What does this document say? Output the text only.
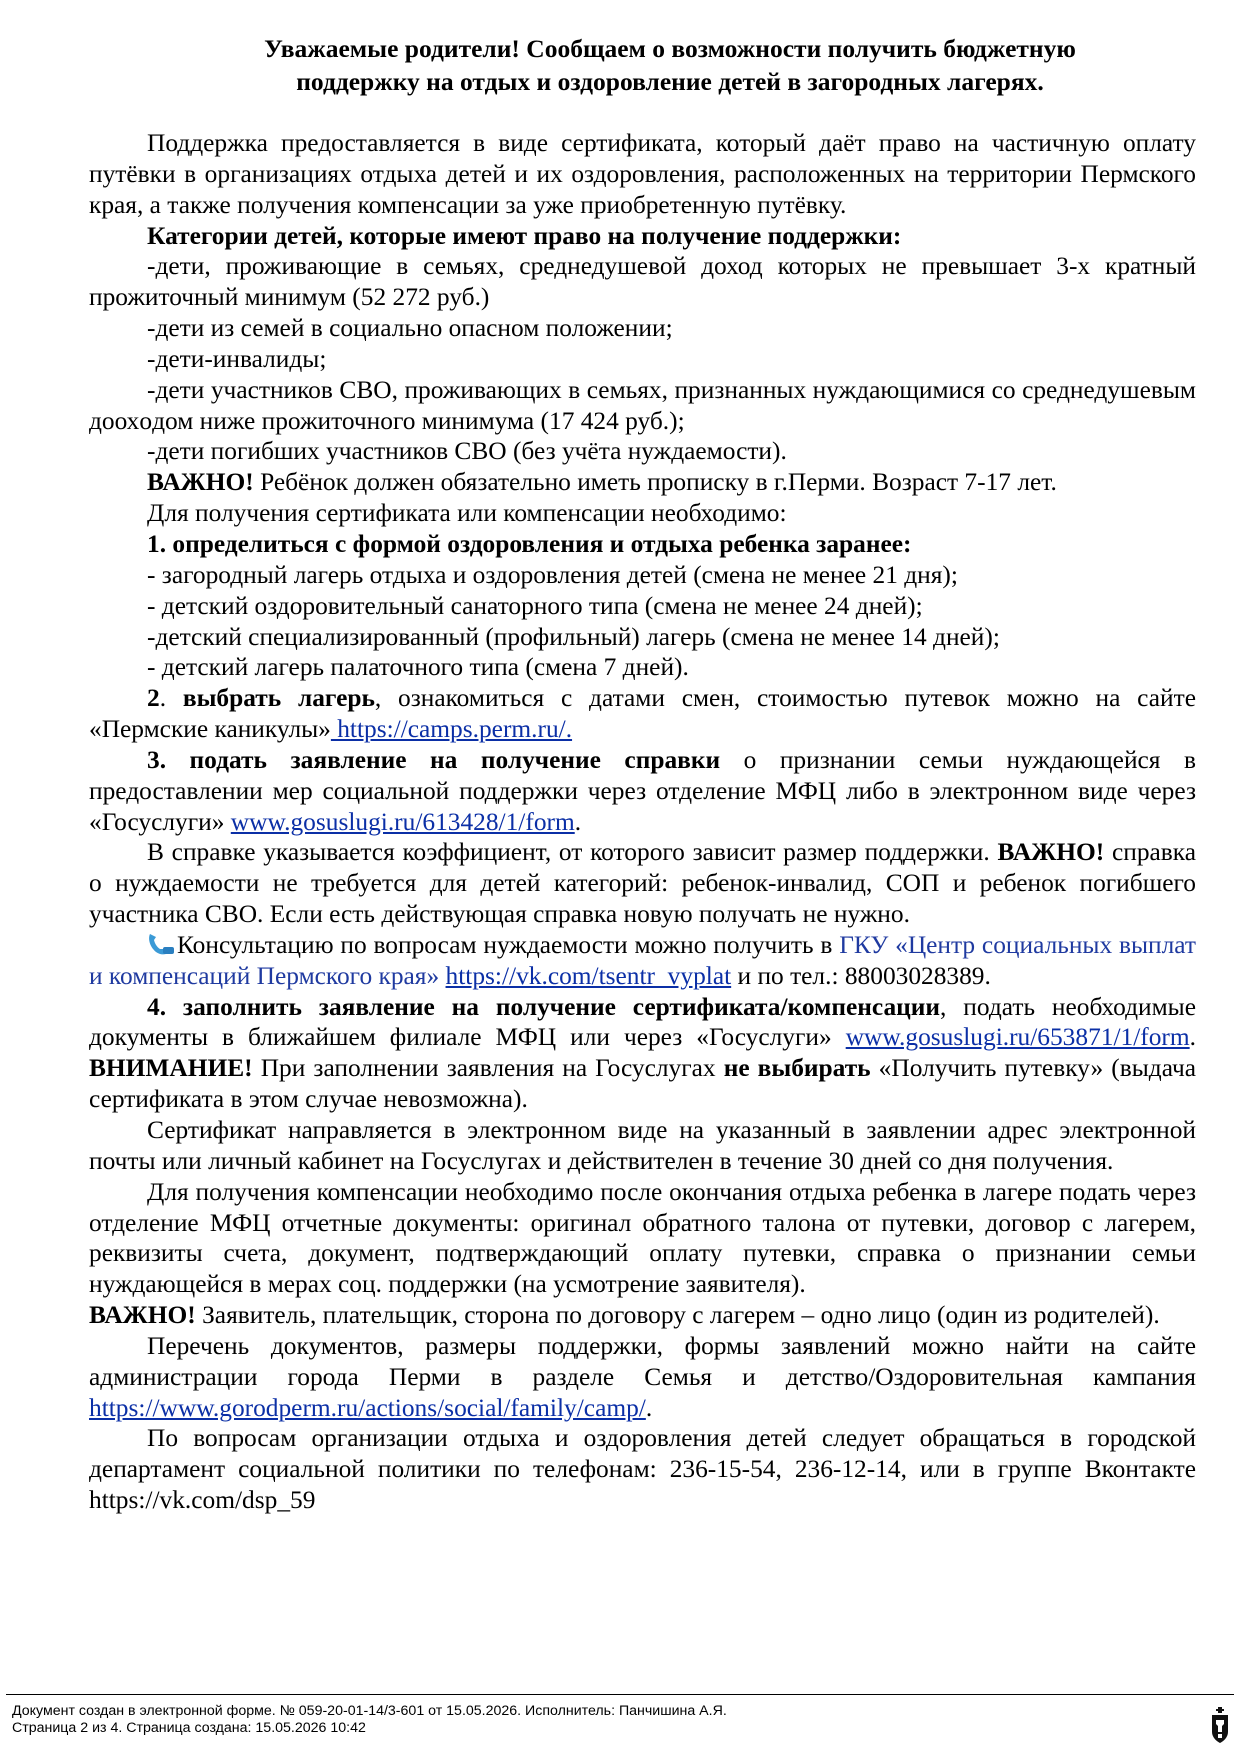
Уважаемые родители! Сообщаем о возможности получить бюджетную
поддержку на отдых и оздоровление детей в загородных лагерях.

Поддержка предоставляется в виде сертификата, который даёт право на частичную оплату путёвки в организациях отдыха детей и их оздоровления, расположенных на территории Пермского края, а также получения компенсации за уже приобретенную путёвку.

Категории детей, которые имеют право на получение поддержки:

-дети, проживающие в семьях, среднедушевой доход которых не превышает 3-х кратный прожиточный минимум (52 272 руб.)

-дети из семей в социально опасном положении;

-дети-инвалиды;

-дети участников СВО, проживающих в семьях, признанных нуждающимися со среднедушевым доохoдом ниже прожиточного минимума (17 424 руб.);

-дети погибших участников СВО (без учёта нуждаемости).

ВАЖНО! Ребёнок должен обязательно иметь прописку в г.Перми. Возраст 7-17 лет.

Для получения сертификата или компенсации необходимо:

1. определиться с формой оздоровления и отдыха ребенка заранее:

- загородный лагерь отдыха и оздоровления детей (смена не менее 21 дня);

- детский оздоровительный санаторного типа (смена не менее 24 дней);

-детский специализированный (профильный) лагерь (смена не менее 14 дней);

- детский лагерь палаточного типа (смена 7 дней).

2. выбрать лагерь, ознакомиться с датами смен, стоимостью путевок можно на сайте «Пермские каникулы» https://camps.perm.ru/.

3. подать заявление на получение справки о признании семьи нуждающейся в предоставлении мер социальной поддержки через отделение МФЦ либо в электронном виде через «Госуслуги» www.gosuslugi.ru/613428/1/form.

В справке указывается коэффициент, от которого зависит размер поддержки. ВАЖНО! справка о нуждаемости не требуется для детей категорий: ребенок-инвалид, СОП и ребенок погибшего участника СВО. Если есть действующая справка новую получать не нужно.

Консультацию по вопросам нуждаемости можно получить в ГКУ «Центр социальных выплат и компенсаций Пермского края» https://vk.com/tsentr_vyplat и по тел.: 88003028389.

4. заполнить заявление на получение сертификата/компенсации, подать необходимые документы в ближайшем филиале МФЦ или через «Госуслуги» www.gosuslugi.ru/653871/1/form. ВНИМАНИЕ! При заполнении заявления на Госуслугах не выбирать «Получить путевку» (выдача сертификата в этом случае невозможна).

Сертификат направляется в электронном виде на указанный в заявлении адрес электронной почты или личный кабинет на Госуслугах и действителен в течение 30 дней со дня получения.

Для получения компенсации необходимо после окончания отдыха ребенка в лагере подать через отделение МФЦ отчетные документы: оригинал обратного талона от путевки, договор с лагерем, реквизиты счета, документ, подтверждающий оплату путевки, справка о признании семьи нуждающейся в мерах соц. поддержки (на усмотрение заявителя).

ВАЖНО! Заявитель, плательщик, сторона по договору с лагерем – одно лицо (один из родителей).

Перечень документов, размеры поддержки, формы заявлений можно найти на сайте администрации города Перми в разделе Семья и детство/Оздоровительная кампания https://www.gorodperm.ru/actions/social/family/camp/.

По вопросам организации отдыха и оздоровления детей следует обращаться в городской департамент социальной политики по телефонам: 236-15-54, 236-12-14, или в группе Вконтакте https://vk.com/dsp_59

Документ создан в электронной форме. № 059-20-01-14/3-601 от 15.05.2026. Исполнитель: Панчишина А.Я.
Страница 2 из 4. Страница создана: 15.05.2026 10:42
